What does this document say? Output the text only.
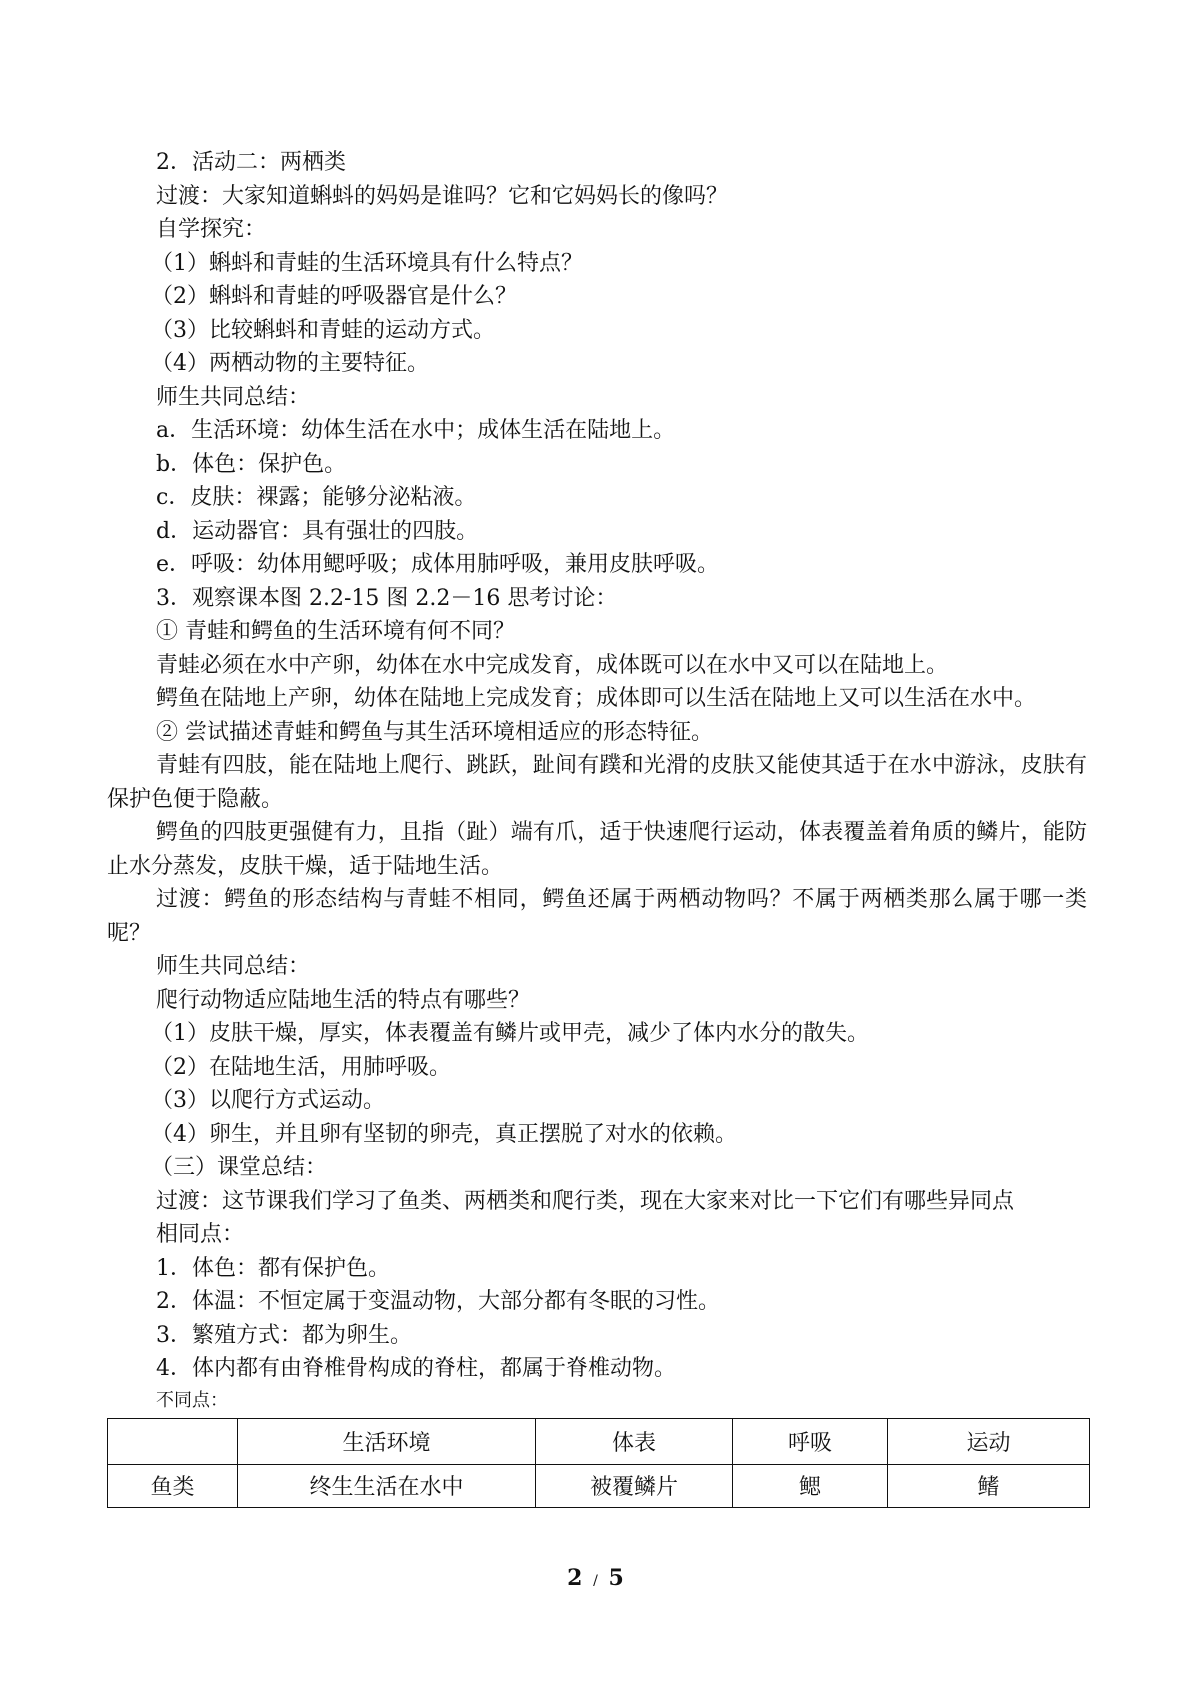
2．活动二：两栖类

过渡：大家知道蝌蚪的妈妈是谁吗？它和它妈妈长的像吗？

自学探究：

（1）蝌蚪和青蛙的生活环境具有什么特点？

（2）蝌蚪和青蛙的呼吸器官是什么？

（3）比较蝌蚪和青蛙的运动方式。

（4）两栖动物的主要特征。

师生共同总结：

a．生活环境：幼体生活在水中；成体生活在陆地上。

b．体色：保护色。

c．皮肤：裸露；能够分泌粘液。

d．运动器官：具有强壮的四肢。

e．呼吸：幼体用鳃呼吸；成体用肺呼吸，兼用皮肤呼吸。

3．观察课本图 2.2-15 图 2.2－16 思考讨论：

① 青蛙和鳄鱼的生活环境有何不同？

青蛙必须在水中产卵，幼体在水中完成发育，成体既可以在水中又可以在陆地上。

鳄鱼在陆地上产卵，幼体在陆地上完成发育；成体即可以生活在陆地上又可以生活在水中。

② 尝试描述青蛙和鳄鱼与其生活环境相适应的形态特征。

青蛙有四肢，能在陆地上爬行、跳跃，趾间有蹼和光滑的皮肤又能使其适于在水中游泳，皮肤有保护色便于隐蔽。

鳄鱼的四肢更强健有力，且指（趾）端有爪，适于快速爬行运动，体表覆盖着角质的鳞片，能防止水分蒸发，皮肤干燥，适于陆地生活。

过渡：鳄鱼的形态结构与青蛙不相同，鳄鱼还属于两栖动物吗？不属于两栖类那么属于哪一类呢？

师生共同总结：

爬行动物适应陆地生活的特点有哪些？

（1）皮肤干燥，厚实，体表覆盖有鳞片或甲壳，减少了体内水分的散失。

（2）在陆地生活，用肺呼吸。

（3）以爬行方式运动。

（4）卵生，并且卵有坚韧的卵壳，真正摆脱了对水的依赖。

（三）课堂总结：

过渡：这节课我们学习了鱼类、两栖类和爬行类，现在大家来对比一下它们有哪些异同点

相同点：

1．体色：都有保护色。

2．体温：不恒定属于变温动物，大部分都有冬眠的习性。

3．繁殖方式：都为卵生。

4．体内都有由脊椎骨构成的脊柱，都属于脊椎动物。

不同点：

	生活环境	体表	呼吸	运动
鱼类	终生生活在水中	被覆鳞片	鳃	鳍
2 / 5
